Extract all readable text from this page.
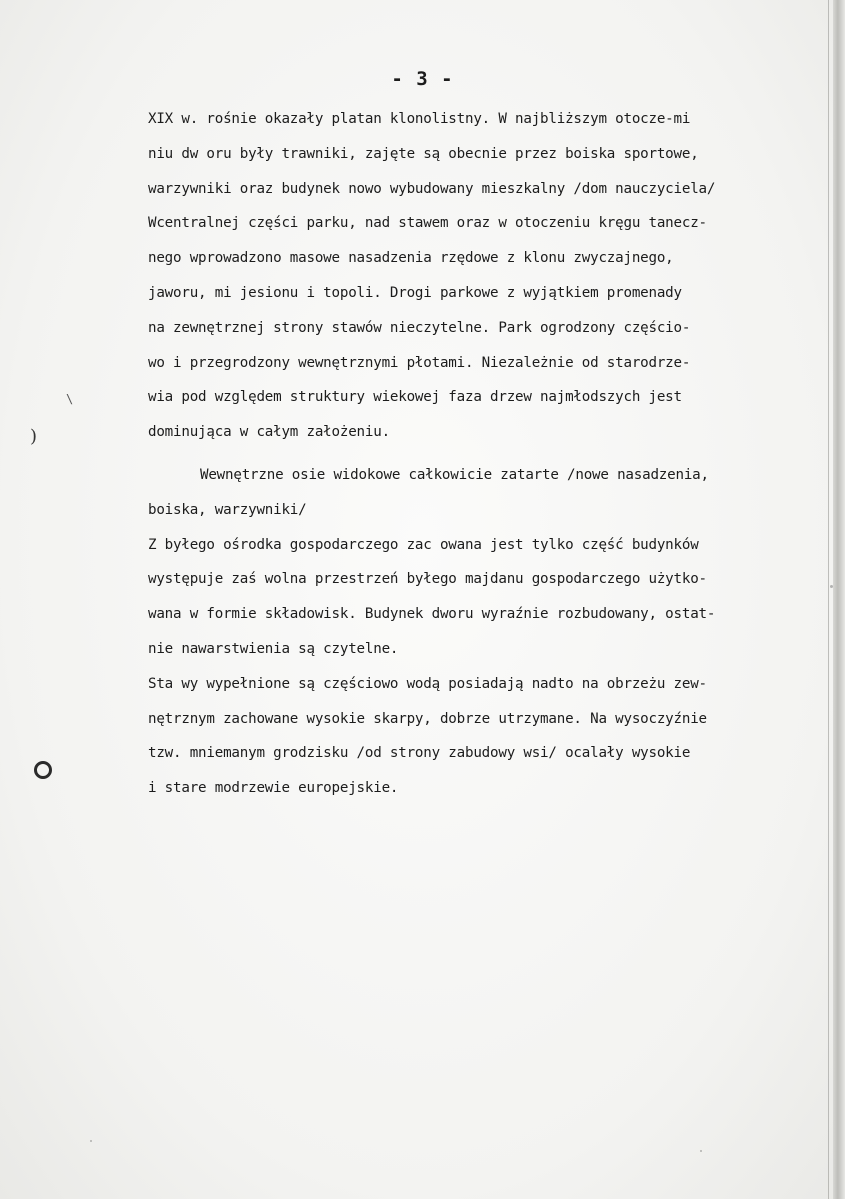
- 3 -
XIX w. rośnie okazały platan klonolistny. W najbliższym otocze-mi
niu dw oru były trawniki, zajęte są obecnie przez boiska sportowe,
warzywniki oraz budynek nowo wybudowany mieszkalny /dom nauczyciela/
Wcentralnej części parku, nad stawem oraz w otoczeniu kręgu tanecz-
nego wprowadzono masowe nasadzenia rzędowe z klonu zwyczajnego,
jaworu, mi jesionu i topoli. Drogi parkowe z wyjątkiem promenady
na zewnętrznej strony stawów nieczytelne. Park ogrodzony częścio-
wo i przegrodzony wewnętrznymi płotami. Niezależnie od starodrze-
wia pod względem struktury wiekowej faza drzew najmłodszych jest
dominująca w całym założeniu.
Wewnętrzne osie widokowe całkowicie zatarte /nowe nasadzenia,
boiska, warzywniki/
Z byłego ośrodka gospodarczego zac owana jest tylko część budynków
występuje zaś wolna przestrzeń byłego majdanu gospodarczego użytko-
wana w formie składowisk. Budynek dworu wyraźnie rozbudowany, ostat-
nie nawarstwienia są czytelne.
Sta wy wypełnione są częściowo wodą posiadają nadto na obrzeżu zew-
nętrznym zachowane wysokie skarpy, dobrze utrzymane. Na wysoczyźnie
tzw. mniemanym grodzisku /od strony zabudowy wsi/ ocalały wysokie
i stare modrzewie europejskie.
\
)
